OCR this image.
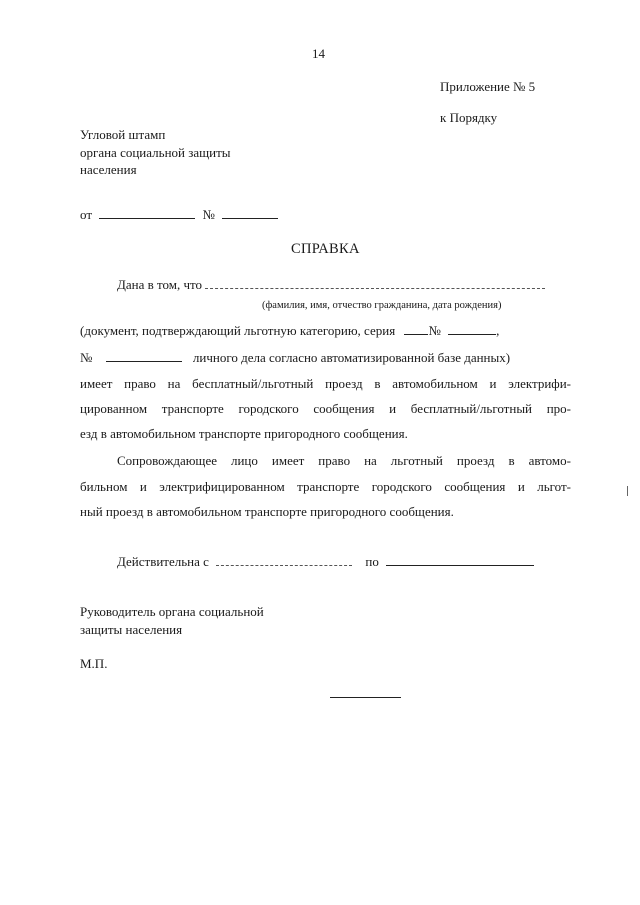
14
Приложение № 5
к Порядку
Угловой штамп
органа социальной защиты
населения
от	№
СПРАВКА
Дана в том, что
(фамилия, имя, отчество гражданина, дата рождения)
(документ, подтверждающий льготную категорию, серия	№	,
№	личного дела согласно автоматизированной базе данных)
имеет право на бесплатный/льготный проезд в автомобильном и электрифи-
цированном транспорте городского сообщения и бесплатный/льготный про-
езд в автомобильном транспорте пригородного сообщения.
Сопровождающее лицо имеет право на льготный проезд в автомо-
бильном и электрифицированном транспорте городского сообщения и льгот-
ный проезд в автомобильном транспорте пригородного сообщения.
Действительна с	по
Руководитель органа социальной
защиты населения
М.П.
